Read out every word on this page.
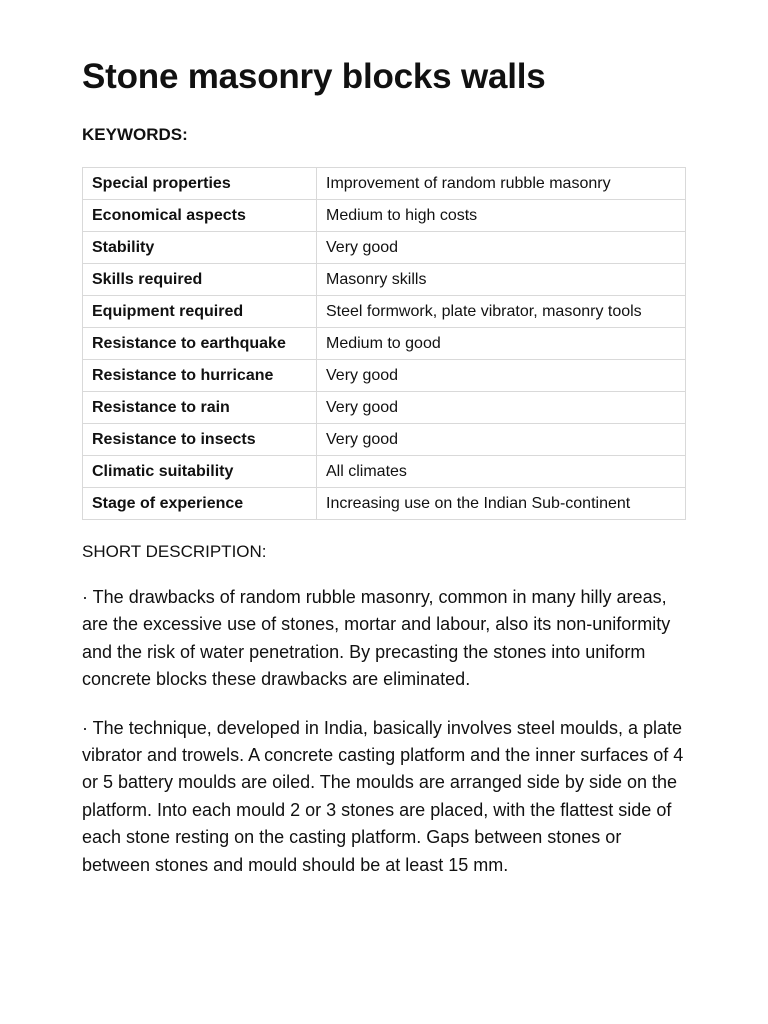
Stone masonry blocks walls
KEYWORDS:
Special properties	Improvement of random rubble masonry
Economical aspects	Medium to high costs
Stability	Very good
Skills required	Masonry skills
Equipment required	Steel formwork, plate vibrator, masonry tools
Resistance to earthquake	Medium to good
Resistance to hurricane	Very good
Resistance to rain	Very good
Resistance to insects	Very good
Climatic suitability	All climates
Stage of experience	Increasing use on the Indian Sub-continent
SHORT DESCRIPTION:

· The drawbacks of random rubble masonry, common in many hilly areas, are the excessive use of stones, mortar and labour, also its non-uniformity and the risk of water penetration. By precasting the stones into uniform concrete blocks these drawbacks are eliminated.

· The technique, developed in India, basically involves steel moulds, a plate vibrator and trowels. A concrete casting platform and the inner surfaces of 4 or 5 battery moulds are oiled. The moulds are arranged side by side on the platform. Into each mould 2 or 3 stones are placed, with the flattest side of each stone resting on the casting platform. Gaps between stones or between stones and mould should be at least 15 mm.
